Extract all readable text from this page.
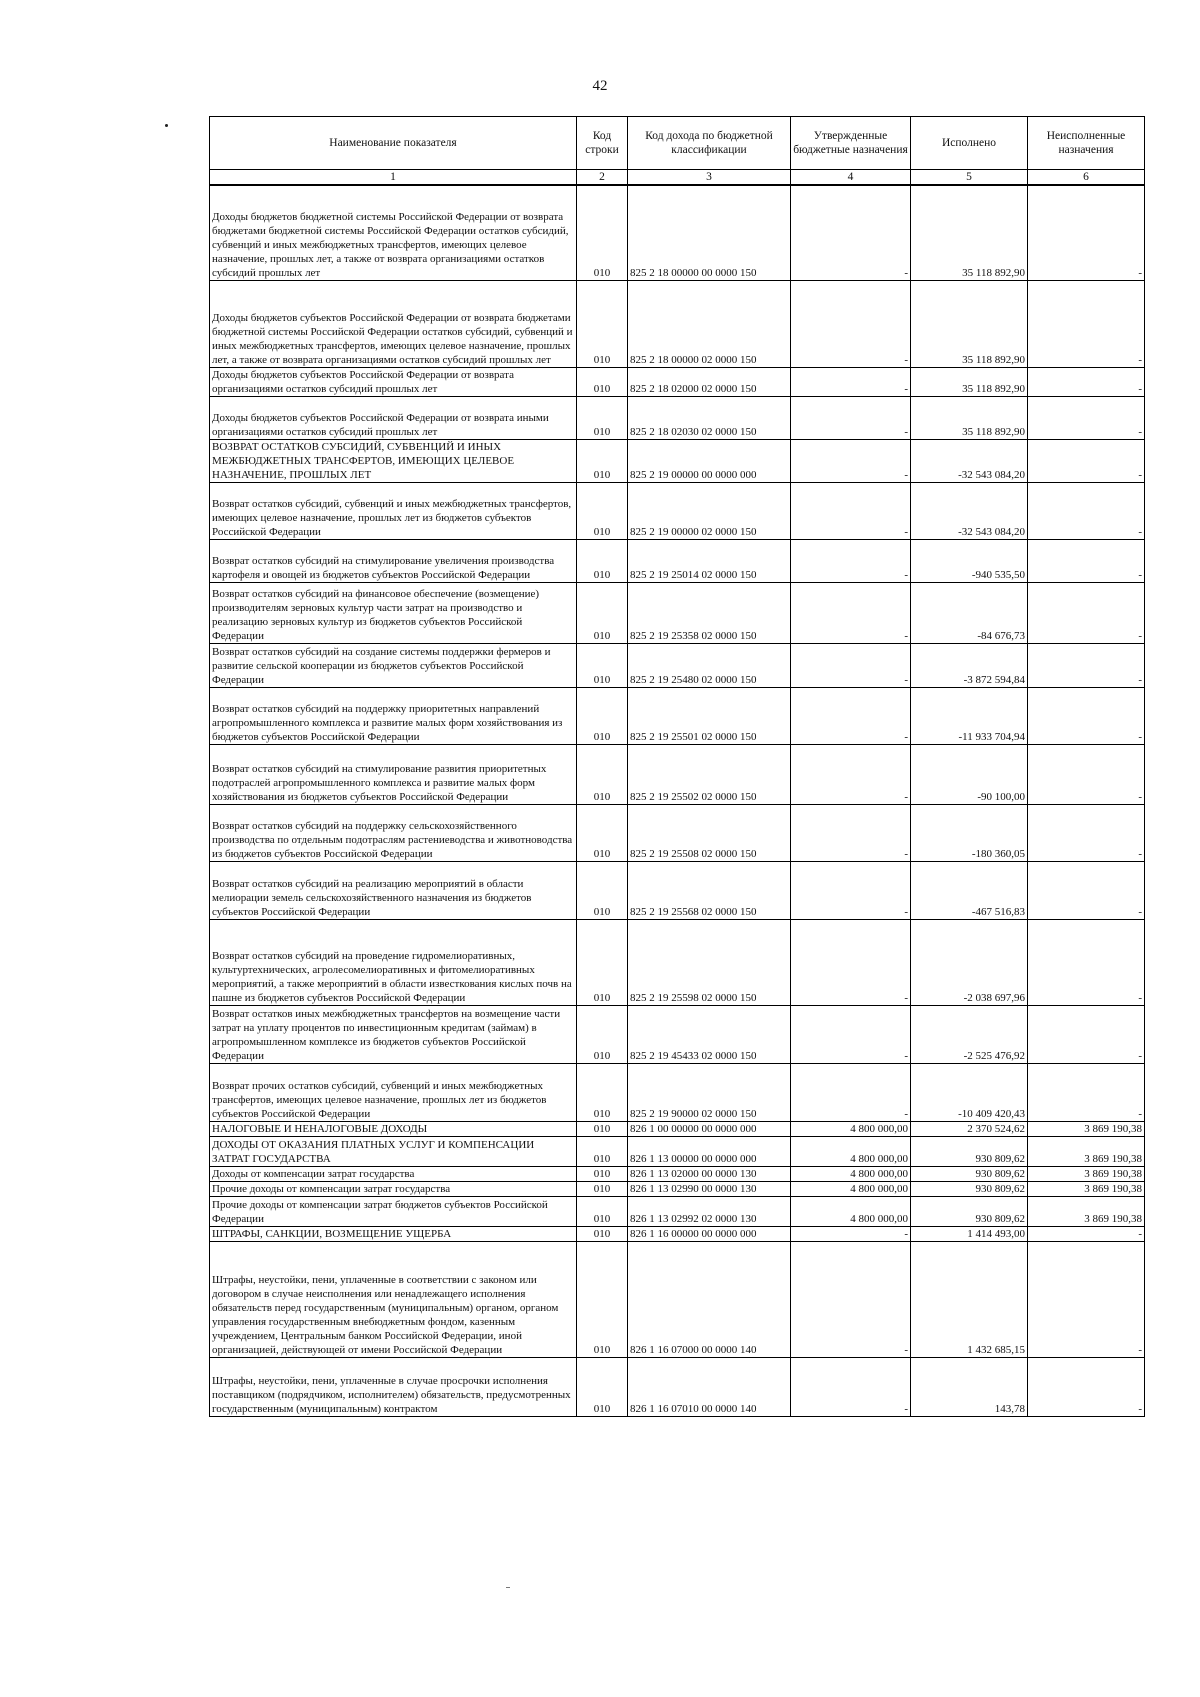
42
Наименование показателя	Код строки	Код дохода по бюджетной классификации	Утвержденные бюджетные назначения	Исполнено	Неисполненные назначения
1	2	3	4	5	6
Доходы бюджетов бюджетной системы Российской Федерации от возврата бюджетами бюджетной системы Российской Федерации остатков субсидий, субвенций и иных межбюджетных трансфертов, имеющих целевое назначение, прошлых лет, а также от возврата организациями остатков субсидий прошлых лет	010	825 2 18 00000 00 0000 150	-	35 118 892,90	-
Доходы бюджетов субъектов Российской Федерации от возврата бюджетами бюджетной системы Российской Федерации остатков субсидий, субвенций и иных межбюджетных трансфертов, имеющих целевое назначение, прошлых лет, а также от возврата организациями остатков субсидий прошлых лет	010	825 2 18 00000 02 0000 150	-	35 118 892,90	-
Доходы бюджетов субъектов Российской Федерации от возврата организациями остатков субсидий прошлых лет	010	825 2 18 02000 02 0000 150	-	35 118 892,90	-
Доходы бюджетов субъектов Российской Федерации от возврата иными организациями остатков субсидий прошлых лет	010	825 2 18 02030 02 0000 150	-	35 118 892,90	-
ВОЗВРАТ ОСТАТКОВ СУБСИДИЙ, СУБВЕНЦИЙ И ИНЫХ МЕЖБЮДЖЕТНЫХ ТРАНСФЕРТОВ, ИМЕЮЩИХ ЦЕЛЕВОЕ НАЗНАЧЕНИЕ, ПРОШЛЫХ ЛЕТ	010	825 2 19 00000 00 0000 000	-	-32 543 084,20	-
Возврат остатков субсидий, субвенций и иных межбюджетных трансфертов, имеющих целевое назначение, прошлых лет из бюджетов субъектов Российской Федерации	010	825 2 19 00000 02 0000 150	-	-32 543 084,20	-
Возврат остатков субсидий на стимулирование увеличения производства картофеля и овощей из бюджетов субъектов Российской Федерации	010	825 2 19 25014 02 0000 150	-	-940 535,50	-
Возврат остатков субсидий на финансовое обеспечение (возмещение) производителям зерновых культур части затрат на производство и реализацию зерновых культур из бюджетов субъектов Российской Федерации	010	825 2 19 25358 02 0000 150	-	-84 676,73	-
Возврат остатков субсидий на создание системы поддержки фермеров и развитие сельской кооперации из бюджетов субъектов Российской Федерации	010	825 2 19 25480 02 0000 150	-	-3 872 594,84	-
Возврат остатков субсидий на поддержку приоритетных направлений агропромышленного комплекса и развитие малых форм хозяйствования из бюджетов субъектов Российской Федерации	010	825 2 19 25501 02 0000 150	-	-11 933 704,94	-
Возврат остатков субсидий на стимулирование развития приоритетных подотраслей агропромышленного комплекса и развитие малых форм хозяйствования из бюджетов субъектов Российской Федерации	010	825 2 19 25502 02 0000 150	-	-90 100,00	-
Возврат остатков субсидий на поддержку сельскохозяйственного производства по отдельным подотраслям растениеводства и животноводства из бюджетов субъектов Российской Федерации	010	825 2 19 25508 02 0000 150	-	-180 360,05	-
Возврат остатков субсидий на реализацию мероприятий в области мелиорации земель сельскохозяйственного назначения из бюджетов субъектов Российской Федерации	010	825 2 19 25568 02 0000 150	-	-467 516,83	-
Возврат остатков субсидий на проведение гидромелиоративных, культуртехнических, агролесомелиоративных и фитомелиоративных мероприятий, а также мероприятий в области известкования кислых почв на пашне из бюджетов субъектов Российской Федерации	010	825 2 19 25598 02 0000 150	-	-2 038 697,96	-
Возврат остатков иных межбюджетных трансфертов на возмещение части затрат на уплату процентов по инвестиционным кредитам (займам) в агропромышленном комплексе из бюджетов субъектов Российской Федерации	010	825 2 19 45433 02 0000 150	-	-2 525 476,92	-
Возврат прочих остатков субсидий, субвенций и иных межбюджетных трансфертов, имеющих целевое назначение, прошлых лет из бюджетов субъектов Российской Федерации	010	825 2 19 90000 02 0000 150	-	-10 409 420,43	-
НАЛОГОВЫЕ И НЕНАЛОГОВЫЕ ДОХОДЫ	010	826 1 00 00000 00 0000 000	4 800 000,00	2 370 524,62	3 869 190,38
ДОХОДЫ ОТ ОКАЗАНИЯ ПЛАТНЫХ УСЛУГ И КОМПЕНСАЦИИ ЗАТРАТ ГОСУДАРСТВА	010	826 1 13 00000 00 0000 000	4 800 000,00	930 809,62	3 869 190,38
Доходы от компенсации затрат государства	010	826 1 13 02000 00 0000 130	4 800 000,00	930 809,62	3 869 190,38
Прочие доходы от компенсации затрат государства	010	826 1 13 02990 00 0000 130	4 800 000,00	930 809,62	3 869 190,38
Прочие доходы от компенсации затрат бюджетов субъектов Российской Федерации	010	826 1 13 02992 02 0000 130	4 800 000,00	930 809,62	3 869 190,38
ШТРАФЫ, САНКЦИИ, ВОЗМЕЩЕНИЕ УЩЕРБА	010	826 1 16 00000 00 0000 000	-	1 414 493,00	-
Штрафы, неустойки, пени, уплаченные в соответствии с законом или договором в случае неисполнения или ненадлежащего исполнения обязательств перед государственным (муниципальным) органом, органом управления государственным внебюджетным фондом, казенным учреждением, Центральным банком Российской Федерации, иной организацией, действующей от имени Российской Федерации	010	826 1 16 07000 00 0000 140	-	1 432 685,15	-
Штрафы, неустойки, пени, уплаченные в случае просрочки исполнения поставщиком (подрядчиком, исполнителем) обязательств, предусмотренных государственным (муниципальным) контрактом	010	826 1 16 07010 00 0000 140	-	143,78	-
